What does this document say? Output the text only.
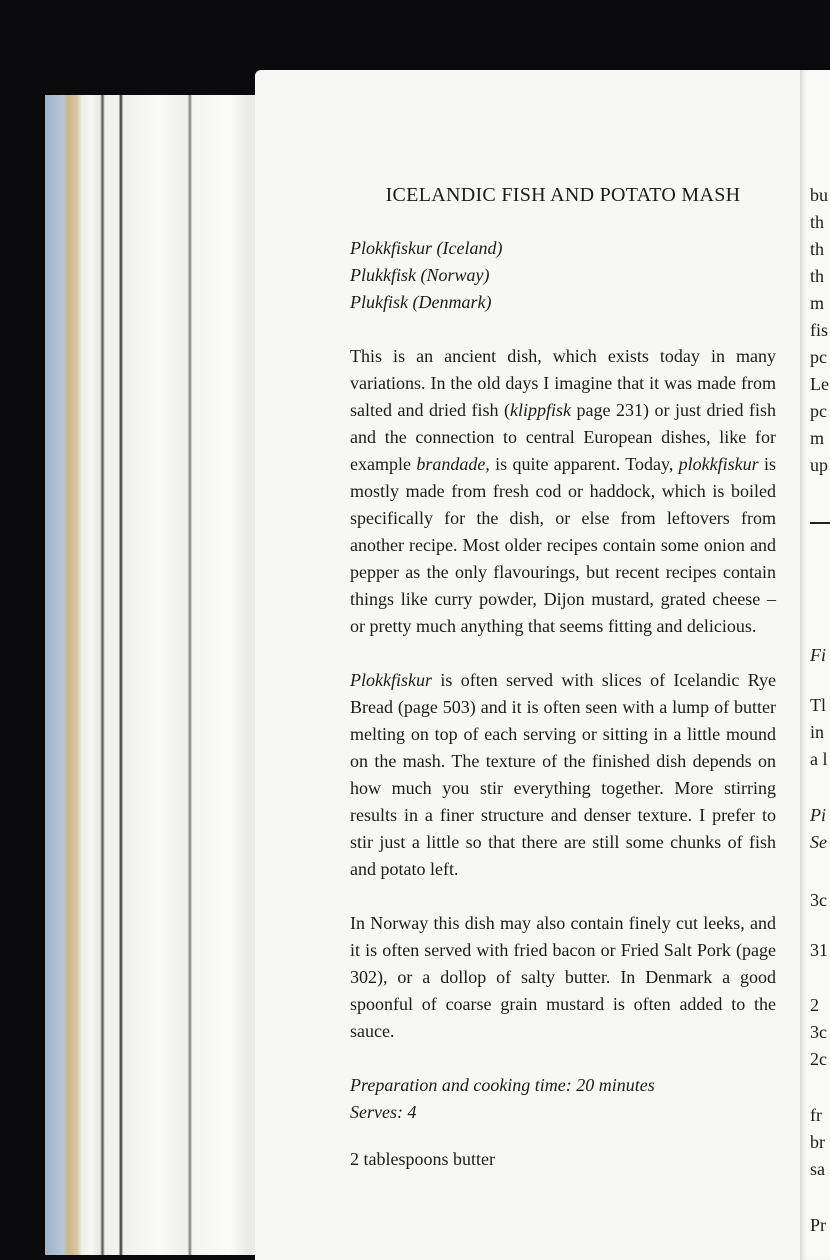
bu
th
th
th
m
fis
pc
Le
pc
m
up
Fi
Tl
in
a l
Pi
Se
3c
31
2
3c
2c
fr
br
sa
Pr
ICELANDIC FISH AND POTATO MASH
Plokkfiskur (Iceland)
Plukkfisk (Norway)
Plukfisk (Denmark)

This is an ancient dish, which exists today in many variations. In the old days I imagine that it was made from salted and dried fish (klippfisk page 231) or just dried fish and the connection to central European dishes, like for example brandade, is quite apparent. Today, plokkfiskur is mostly made from fresh cod or haddock, which is boiled specifically for the dish, or else from leftovers from another recipe. Most older recipes contain some onion and pepper as the only flavourings, but recent recipes contain things like curry powder, Dijon mustard, grated cheese – or pretty much anything that seems fitting and delicious.

Plokkfiskur is often served with slices of Icelandic Rye Bread (page 503) and it is often seen with a lump of butter melting on top of each serving or sitting in a little mound on the mash. The texture of the finished dish depends on how much you stir everything together. More stirring results in a finer structure and denser texture. I prefer to stir just a little so that there are still some chunks of fish and potato left.

In Norway this dish may also contain finely cut leeks, and it is often served with fried bacon or Fried Salt Pork (page 302), or a dollop of salty butter. In Denmark a good spoonful of coarse grain mustard is often added to the sauce.

Preparation and cooking time: 20 minutes
Serves: 4
2 tablespoons butter
